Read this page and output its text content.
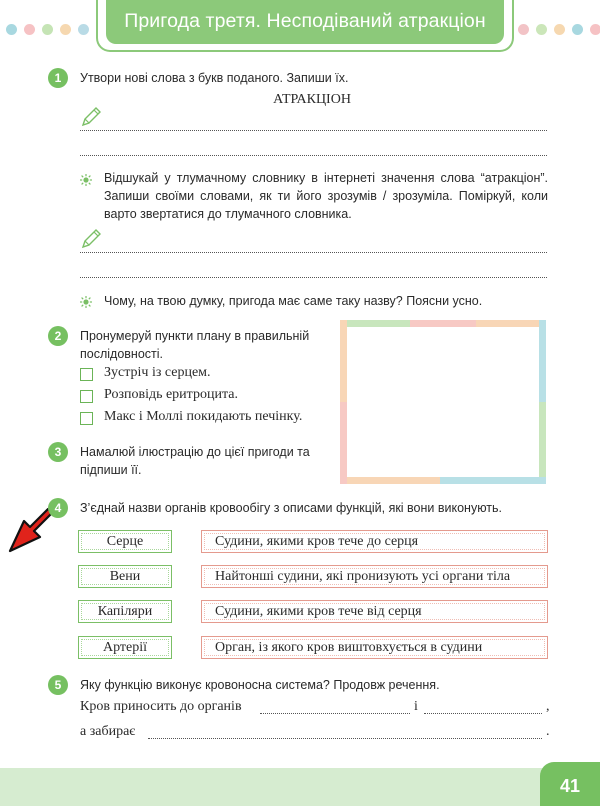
Пригода третя. Несподіваний атракціон
1	Утвори нові слова з букв поданого. Запиши їх.
АТРАКЦІОН
Відшукай у тлумачному словнику в інтернеті значення слова “атракціон”. Запиши своїми словами, як ти його зрозумів / зрозуміла. Поміркуй, коли варто звертатися до тлумачного словника.
Чому, на твою думку, пригода має саме таку назву? Поясни усно.
2	Пронумеруй пункти плану в правильній послідовності.
Зустріч із серцем.
Розповідь еритроцита.
Макс і Моллі покидають печінку.
3	Намалюй ілюстрацію до цієї пригоди та підпиши її.
4	З’єднай назви органів кровообігу з описами функцій, які вони виконують.
Серце	Судини, якими кров тече до серця
Вени	Найтонші судини, які пронизують усі органи тіла
Капіляри	Судини, якими кров тече від серця
Артерії	Орган, із якого кров виштовхується в судини
5	Яку функцію виконує кровоносна система? Продовж речення.
Кров приносить до органів	і	,
а забирає	.
41
